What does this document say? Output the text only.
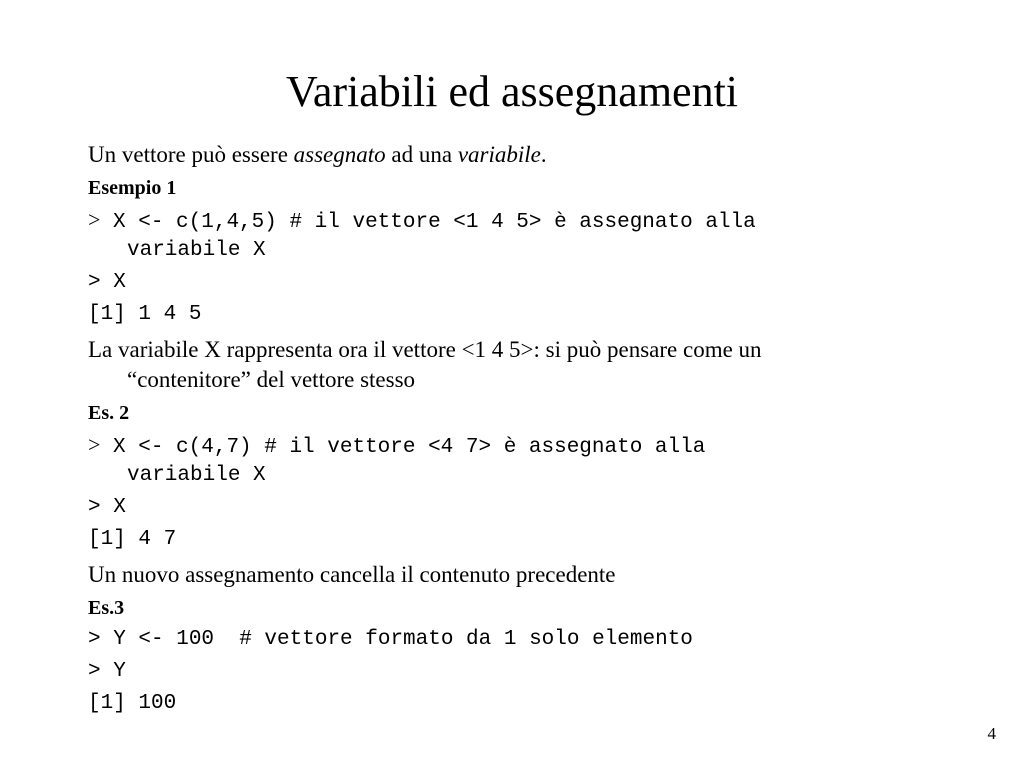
Variabili ed assegnamenti

Un vettore può essere assegnato ad una variabile.

Esempio 1

> X <- c(1,4,5) # il vettore <1 4 5> è assegnato alla
variabile X

> X

[1] 1 4 5

La variabile X rappresenta ora il vettore <1 4 5>: si può pensare come un
“contenitore” del vettore stesso

Es. 2

> X <- c(4,7) # il vettore <4 7> è assegnato alla
variabile X

> X

[1] 4 7

Un nuovo assegnamento cancella il contenuto precedente

Es.3

> Y <- 100  # vettore formato da 1 solo elemento

> Y

[1] 100

4
